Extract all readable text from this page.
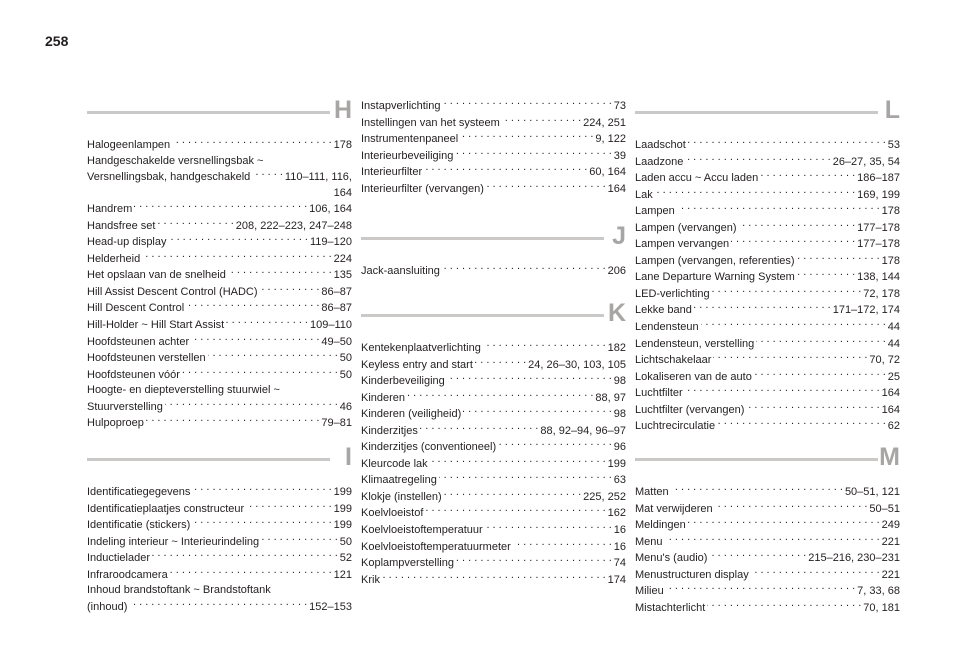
258
H
Halogeenlampen . . .	178
Handgeschakelde versnellingsbak ~
Versnellingsbak, handgeschakeld . . .	110–111, 116,
164
Handrem . . .	106, 164
Handsfree set . . .	208, 222–223, 247–248
Head-up display . . .	119–120
Helderheid . . .	224
Het opslaan van de snelheid . . .	135
Hill Assist Descent Control (HADC) . . .	86–87
Hill Descent Control . . .	86–87
Hill-Holder ~ Hill Start Assist . . .	109–110
Hoofdsteunen achter . . .	49–50
Hoofdsteunen verstellen . . .	50
Hoofdsteunen vóór . . .	50
Hoogte- en diepteverstelling stuurwiel ~
Stuurverstelling . . .	46
Hulpoproep . . .	79–81
I
Identificatiegegevens . . .	199
Identificatieplaatjes constructeur . . .	199
Identificatie (stickers) . . .	199
Indeling interieur ~ Interieurindeling . . .	50
Inductielader . . .	52
Infraroodcamera . . .	121
Inhoud brandstoftank ~ Brandstoftank
(inhoud) . . .	152–153
Instapverlichting . . .	73
Instellingen van het systeem . . .	224, 251
Instrumentenpaneel . . .	9, 122
Interieurbeveiliging . . .	39
Interieurfilter . . .	60, 164
Interieurfilter (vervangen) . . .	164
J
Jack-aansluiting . . .	206
K
Kentekenplaatverlichting . . .	182
Keyless entry and start . . .	24, 26–30, 103, 105
Kinderbeveiliging . . .	98
Kinderen . . .	88, 97
Kinderen (veiligheid) . . .	98
Kinderzitjes . . .	88, 92–94, 96–97
Kinderzitjes (conventioneel) . . .	96
Kleurcode lak . . .	199
Klimaatregeling . . .	63
Klokje (instellen) . . .	225, 252
Koelvloeistof . . .	162
Koelvloeistoftemperatuur . . .	16
Koelvloeistoftemperatuurmeter . . .	16
Koplampverstelling . . .	74
Krik . . .	174
L
Laadschot . . .	53
Laadzone . . .	26–27, 35, 54
Laden accu ~ Accu laden . . .	186–187
Lak . . .	169, 199
Lampen . . .	178
Lampen (vervangen) . . .	177–178
Lampen vervangen . . .	177–178
Lampen (vervangen, referenties) . . .	178
Lane Departure Warning System . . .	138, 144
LED-verlichting . . .	72, 178
Lekke band . . .	171–172, 174
Lendensteun . . .	44
Lendensteun, verstelling . . .	44
Lichtschakelaar . . .	70, 72
Lokaliseren van de auto . . .	25
Luchtfilter . . .	164
Luchtfilter (vervangen) . . .	164
Luchtrecirculatie . . .	62
M
Matten . . .	50–51, 121
Mat verwijderen . . .	50–51
Meldingen . . .	249
Menu . . .	221
Menu's (audio) . . .	215–216, 230–231
Menustructuren display . . .	221
Milieu . . .	7, 33, 68
Mistachterlicht . . .	70, 181
